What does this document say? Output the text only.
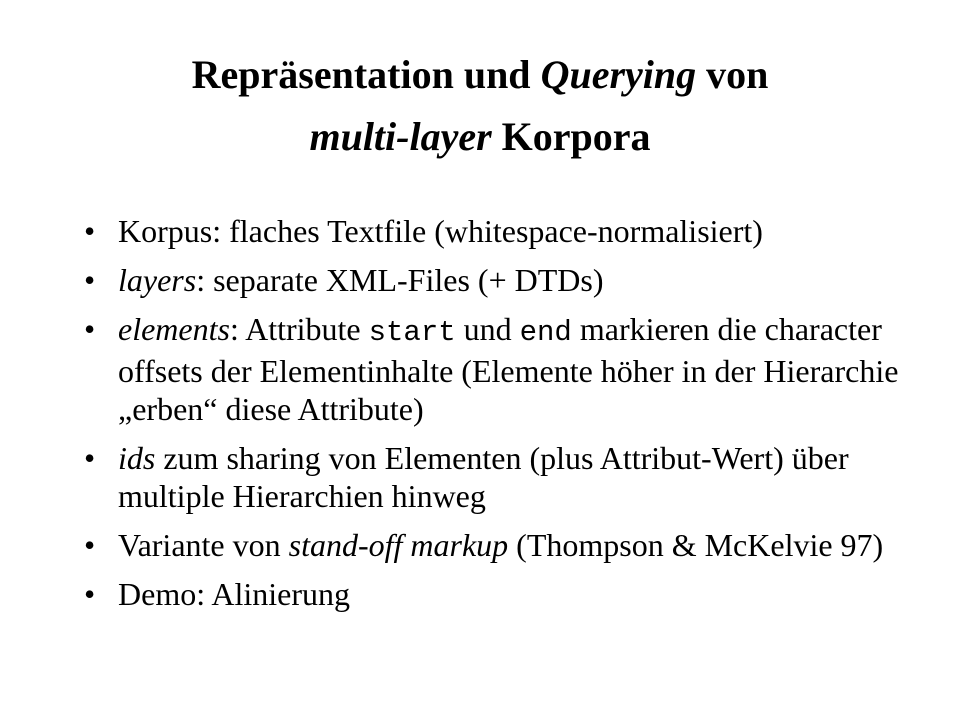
Repräsentation und Querying von
multi-layer Korpora
• Korpus: flaches Textfile (whitespace-normalisiert)
• layers: separate XML-Files (+ DTDs)
• elements: Attribute start und end markieren die character offsets der Elementinhalte (Elemente höher in der Hierarchie „erben“ diese Attribute)
• ids zum sharing von Elementen (plus Attribut-Wert) über multiple Hierarchien hinweg
• Variante von stand-off markup (Thompson & McKelvie 97)
• Demo: Alinierung
